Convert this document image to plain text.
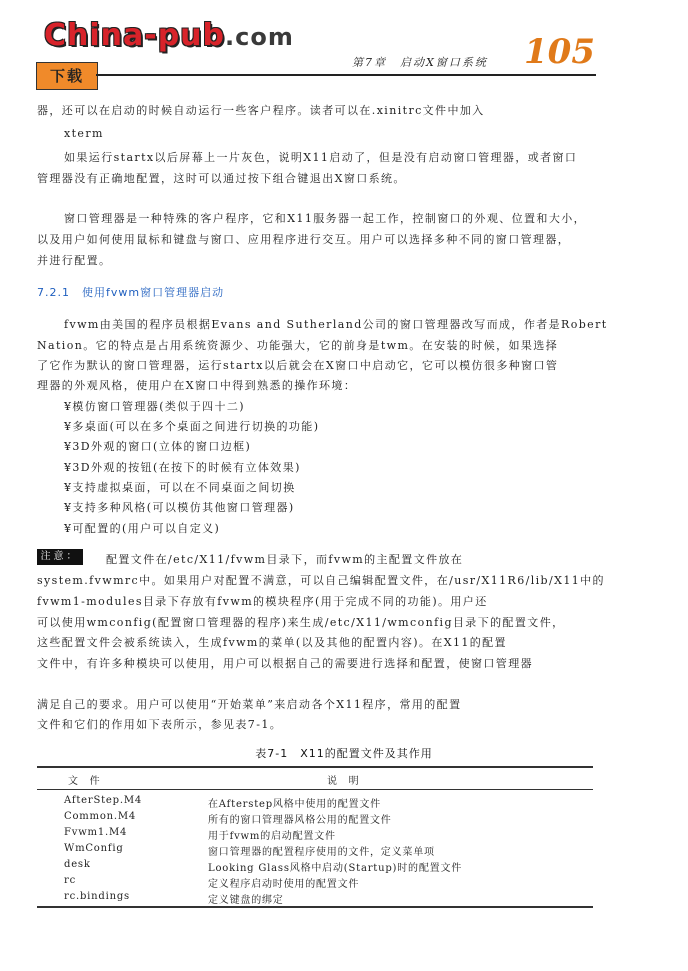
China-pub.com
下载
第7章　启动X窗口系统 105
器，还可以在启动的时候自动运行一些客户程序。读者可以在.xinitrc文件中加入
xterm
如果运行startx以后屏幕上一片灰色，说明X11启动了，但是没有启动窗口管理器，或者窗口
管理器没有正确地配置，这时可以通过按下组合键退出X窗口系统。
窗口管理器是一种特殊的客户程序，它和X11服务器一起工作，控制窗口的外观、位置和大小，
以及用户如何使用鼠标和键盘与窗口、应用程序进行交互。用户可以选择多种不同的窗口管理器，
并进行配置。
7.2.1　使用fvwm窗口管理器启动
fvwm由美国的程序员根据Evans and Sutherland公司的窗口管理器改写而成，作者是Robert
Nation。它的特点是占用系统资源少、功能强大，它的前身是twm。在安装的时候，如果选择
了它作为默认的窗口管理器，运行startx以后就会在X窗口中启动它，它可以模仿很多种窗口管
理器的外观风格，使用户在X窗口中得到熟悉的操作环境：
¥模仿窗口管理器(类似于四十二)
¥多桌面(可以在多个桌面之间进行切换的功能)
¥3D外观的窗口(立体的窗口边框)
¥3D外观的按钮(在按下的时候有立体效果)
¥支持虚拟桌面，可以在不同桌面之间切换
¥支持多种风格(可以模仿其他窗口管理器)
¥可配置的(用户可以自定义)
注意：	配置文件在/etc/X11/fvwm目录下，而fvwm的主配置文件放在
system.fvwmrc中。如果用户对配置不满意，可以自己编辑配置文件，在/usr/X11R6/lib/X11中的
fvwm1-modules目录下存放有fvwm的模块程序(用于完成不同的功能)。用户还
可以使用wmconfig(配置窗口管理器的程序)来生成/etc/X11/wmconfig目录下的配置文件，
这些配置文件会被系统读入，生成fvwm的菜单(以及其他的配置内容)。在X11的配置
文件中，有许多种模块可以使用，用户可以根据自己的需要进行选择和配置，使窗口管理器
满足自己的要求。用户可以使用“开始菜单”来启动各个X11程序，常用的配置
文件和它们的作用如下表所示，参见表7-1。
表7-1　X11的配置文件及其作用
文　件	说　明
AfterStep.M4	在Afterstep风格中使用的配置文件
Common.M4	所有的窗口管理器风格公用的配置文件
Fvwm1.M4	用于fvwm的启动配置文件
WmConfig	窗口管理器的配置程序使用的文件，定义菜单项
desk	Looking Glass风格中启动(Startup)时的配置文件
rc	定义程序启动时使用的配置文件
rc.bindings	定义键盘的绑定
